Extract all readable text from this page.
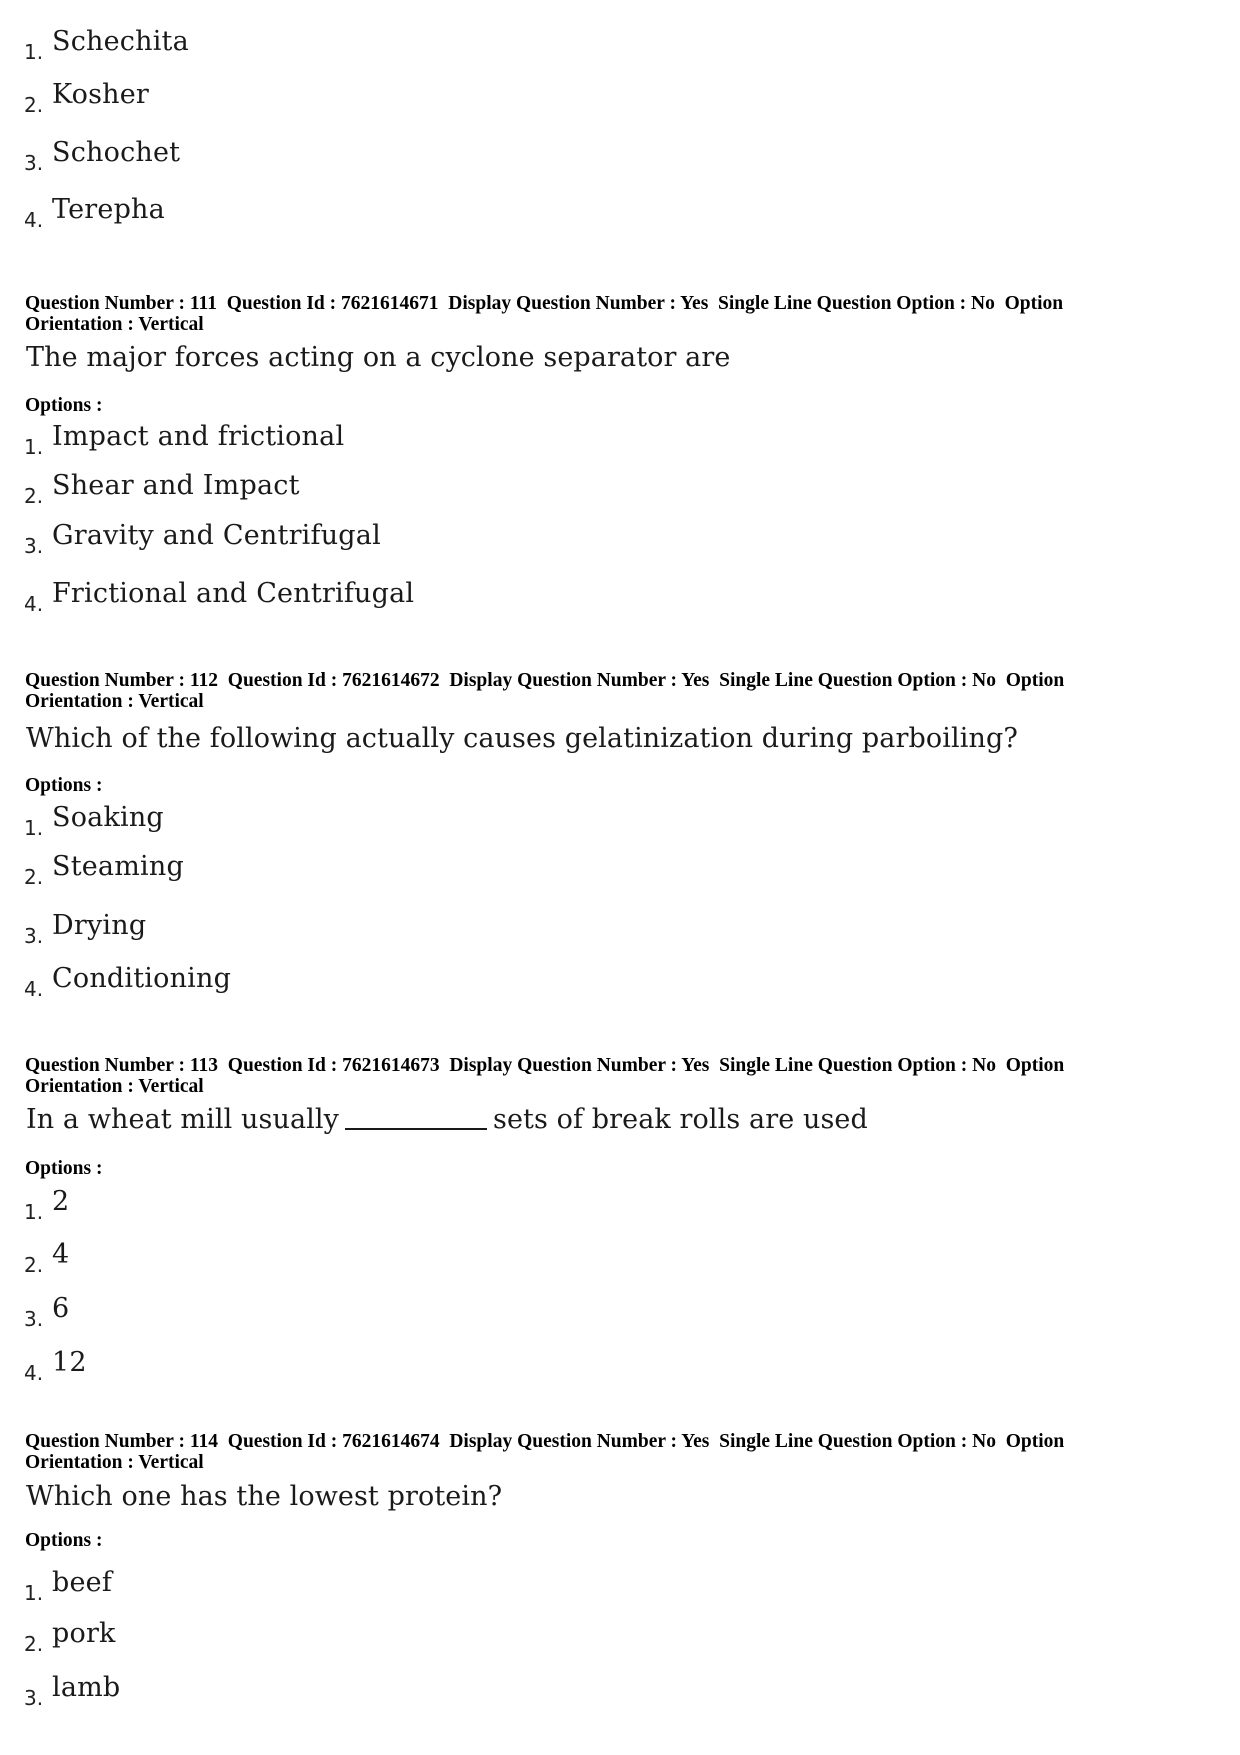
1. Schechita
2. Kosher
3. Schochet
4. Terepha
Question Number : 111  Question Id : 7621614671  Display Question Number : Yes  Single Line Question Option : No  Option
Orientation : Vertical
The major forces acting on a cyclone separator are
Options :
1. Impact and frictional
2. Shear and Impact
3. Gravity and Centrifugal
4. Frictional and Centrifugal
Question Number : 112  Question Id : 7621614672  Display Question Number : Yes  Single Line Question Option : No  Option
Orientation : Vertical
Which of the following actually causes gelatinization during parboiling?
Options :
1. Soaking
2. Steaming
3. Drying
4. Conditioning
Question Number : 113  Question Id : 7621614673  Display Question Number : Yes  Single Line Question Option : No  Option
Orientation : Vertical
In a wheat mill usually	sets of break rolls are used
Options :
1. 2
2. 4
3. 6
4. 12
Question Number : 114  Question Id : 7621614674  Display Question Number : Yes  Single Line Question Option : No  Option
Orientation : Vertical
Which one has the lowest protein?
Options :
1. beef
2. pork
3. lamb
